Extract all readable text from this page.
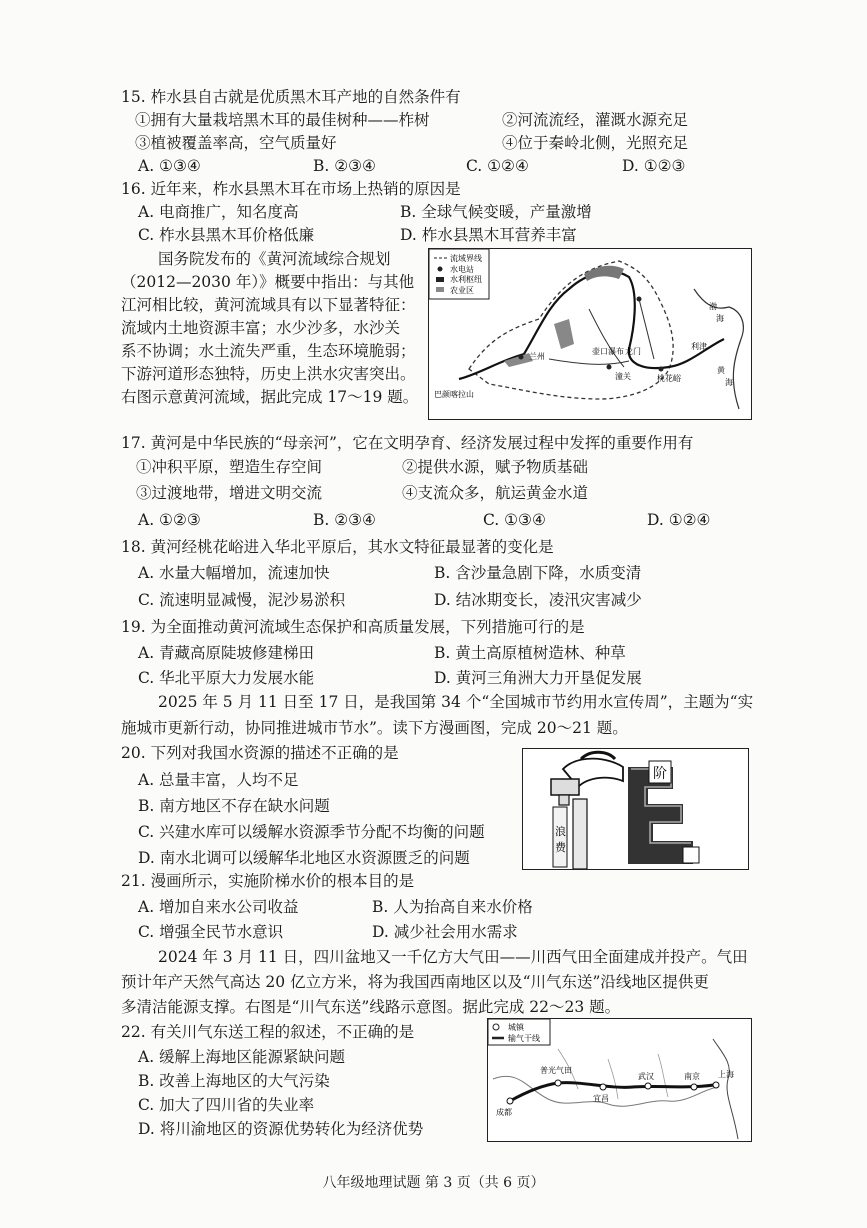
15. 柞水县自古就是优质黑木耳产地的自然条件有
①拥有大量栽培黑木耳的最佳树种——柞树	②河流流经，灌溉水源充足
③植被覆盖率高，空气质量好	④位于秦岭北侧，光照充足
A. ①③④	B. ②③④	C. ①②④	D. ①②③
16. 近年来，柞水县黑木耳在市场上热销的原因是
A. 电商推广，知名度高	B. 全球气候变暖，产量激增
C. 柞水县黑木耳价格低廉	D. 柞水县黑木耳营养丰富
国务院发布的《黄河流域综合规划
（2012—2030 年）》概要中指出：与其他
江河相比较，黄河流域具有以下显著特征：
流域内土地资源丰富；水少沙多，水沙关
系不协调；水土流失严重，生态环境脆弱；
下游河道形态独特，历史上洪水灾害突出。
右图示意黄河流域，据此完成 17～19 题。
流域界线
水电站
水利枢纽
农业区
兰州
壶口瀑布 龙门
潼关	桃花峪
渤
海
黄
海
巴颜喀拉山
利津
17. 黄河是中华民族的“母亲河”，它在文明孕育、经济发展过程中发挥的重要作用有
①冲积平原，塑造生存空间	②提供水源，赋予物质基础
③过渡地带，增进文明交流	④支流众多，航运黄金水道
A. ①②③	B. ②③④	C. ①③④	D. ①②④
18. 黄河经桃花峪进入华北平原后，其水文特征最显著的变化是
A. 水量大幅增加，流速加快	B. 含沙量急剧下降，水质变清
C. 流速明显减慢，泥沙易淤积	D. 结冰期变长，凌汛灾害减少
19. 为全面推动黄河流域生态保护和高质量发展，下列措施可行的是
A. 青藏高原陡坡修建梯田	B. 黄土高原植树造林、种草
C. 华北平原大力发展水能	D. 黄河三角洲大力开垦促发展
2025 年 5 月 11 日至 17 日，是我国第 34 个“全国城市节约用水宣传周”，主题为“实
施城市更新行动，协同推进城市节水”。读下方漫画图，完成 20～21 题。
20. 下列对我国水资源的描述不正确的是
A. 总量丰富，人均不足
B. 南方地区不存在缺水问题
C. 兴建水库可以缓解水资源季节分配不均衡的问题
D. 南水北调可以缓解华北地区水资源匮乏的问题
浪
费
阶
21. 漫画所示，实施阶梯水价的根本目的是
A. 增加自来水公司收益	B. 人为抬高自来水价格
C. 增强全民节水意识	D. 减少社会用水需求
2024 年 3 月 11 日，四川盆地又一千亿方大气田——川西气田全面建成并投产。气田
预计年产天然气高达 20 亿立方米，将为我国西南地区以及“川气东送”沿线地区提供更
多清洁能源支撑。右图是“川气东送”线路示意图。据此完成 22～23 题。
22. 有关川气东送工程的叙述，不正确的是
A. 缓解上海地区能源紧缺问题
B. 改善上海地区的大气污染
C. 加大了四川省的失业率
D. 将川渝地区的资源优势转化为经济优势
城镇
输气干线
成都
普光气田
武汉	南京 上海
宜昌
八年级地理试题 第 3 页（共 6 页）
